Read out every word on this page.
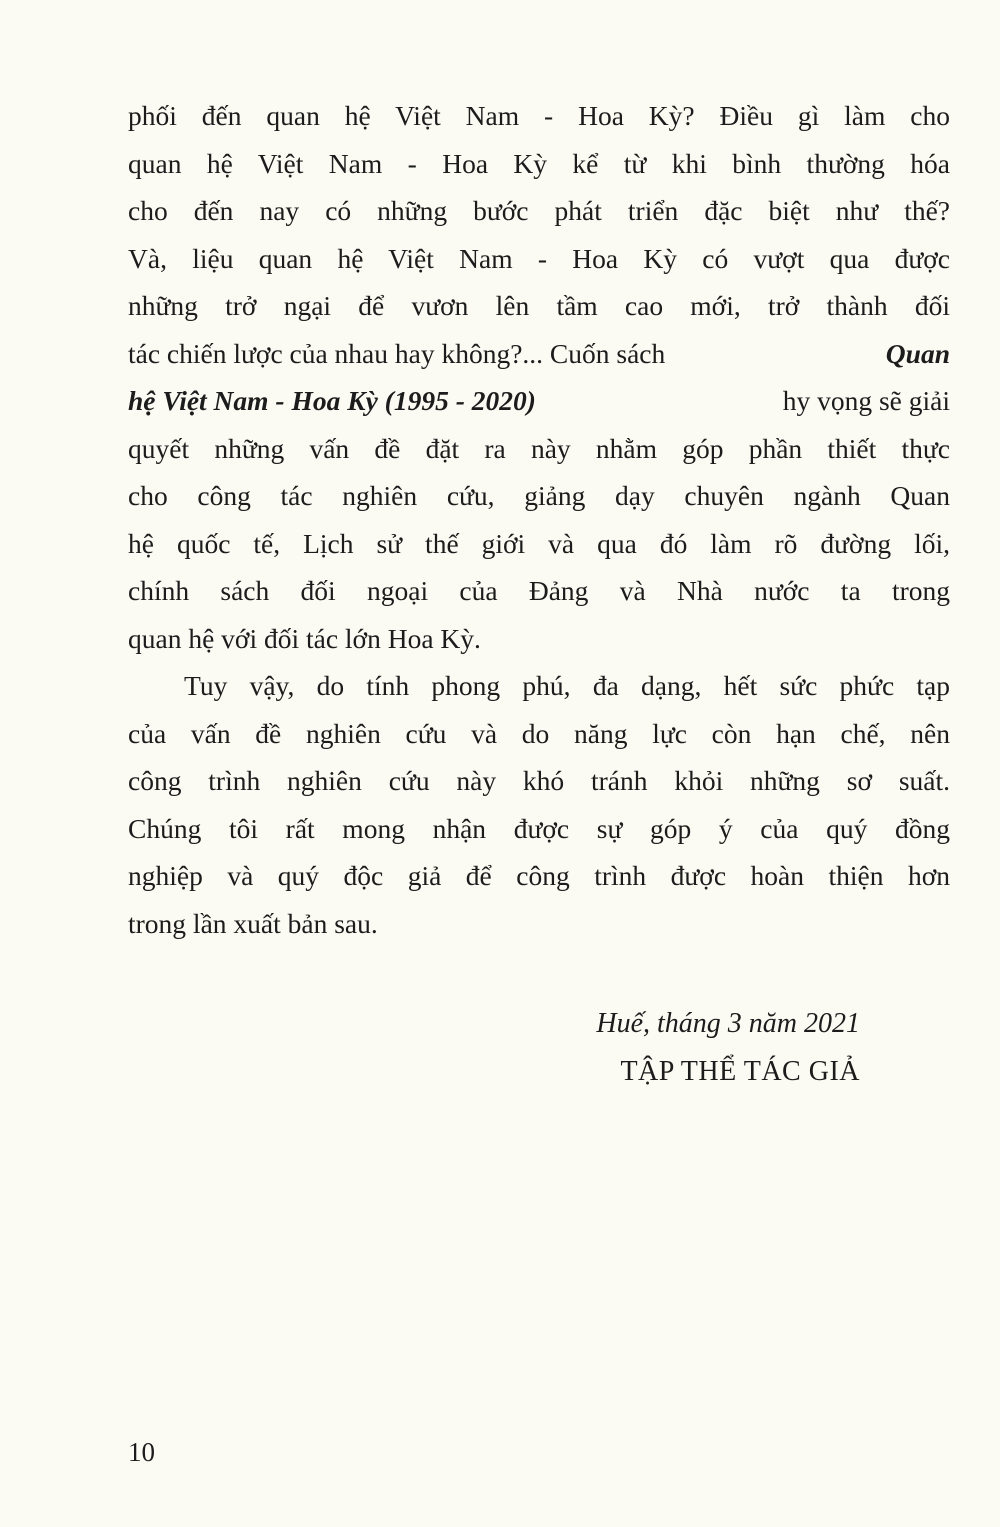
phối đến quan hệ Việt Nam - Hoa Kỳ? Điều gì làm cho
quan hệ Việt Nam - Hoa Kỳ kể từ khi bình thường hóa
cho đến nay có những bước phát triển đặc biệt như thế?
Và, liệu quan hệ Việt Nam - Hoa Kỳ có vượt qua được
những trở ngại để vươn lên tầm cao mới, trở thành đối
tác chiến lược của nhau hay không?... Cuốn sách	Quan
hệ Việt Nam - Hoa Kỳ (1995 - 2020)	hy vọng sẽ giải
quyết những vấn đề đặt ra này nhằm góp phần thiết thực
cho công tác nghiên cứu, giảng dạy chuyên ngành Quan
hệ quốc tế, Lịch sử thế giới và qua đó làm rõ đường lối,
chính sách đối ngoại của Đảng và Nhà nước ta trong
quan hệ với đối tác lớn Hoa Kỳ.
Tuy vậy, do tính phong phú, đa dạng, hết sức phức tạp
của vấn đề nghiên cứu và do năng lực còn hạn chế, nên
công trình nghiên cứu này khó tránh khỏi những sơ suất.
Chúng tôi rất mong nhận được sự góp ý của quý đồng
nghiệp và quý độc giả để công trình được hoàn thiện hơn
trong lần xuất bản sau.
Huế, tháng 3 năm 2021
TẬP THỂ TÁC GIẢ
10
